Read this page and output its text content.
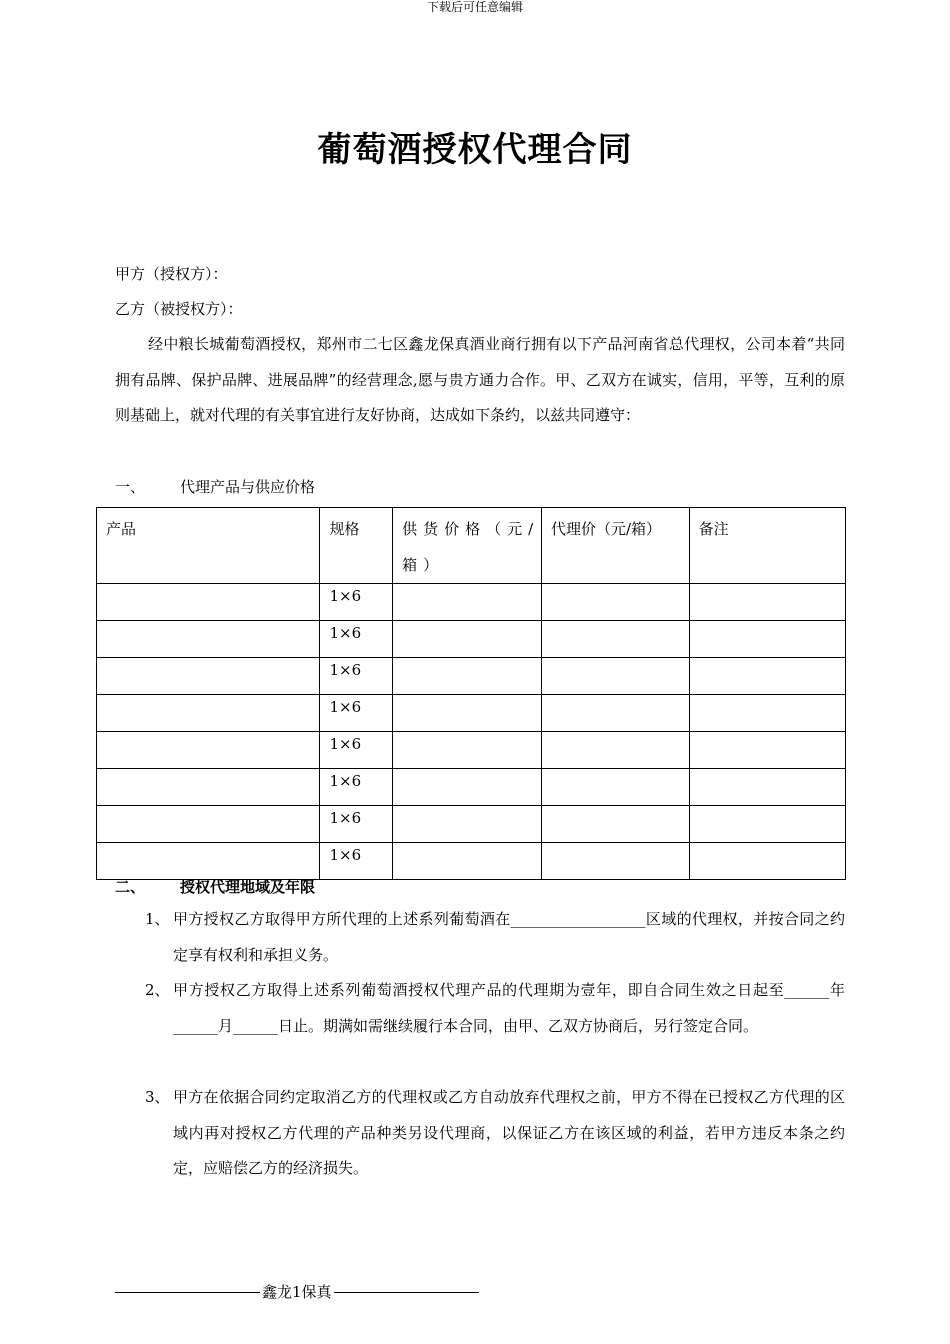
下载后可任意编辑
葡萄酒授权代理合同
甲方（授权方）：
乙方（被授权方）：
经中粮长城葡萄酒授权，郑州市二七区鑫龙保真酒业商行拥有以下产品河南省总代理权，公司本着“共同拥有品牌、保护品牌、进展品牌”的经营理念,愿与贵方通力合作。甲、乙双方在诚实，信用，平等，互利的原则基础上，就对代理的有关事宜进行友好协商，达成如下条约，以兹共同遵守：
一、 代理产品与供应价格
产品	规格	供货价格（元/箱）	代理价（元/箱）	备注
	1×6			
	1×6			
	1×6			
	1×6			
	1×6			
	1×6			
	1×6			
	1×6			
二、 授权代理地域及年限
1、 甲方授权乙方取得甲方所代理的上述系列葡萄酒在__________________区域的代理权，并按合同之约定享有权利和承担义务。
2、 甲方授权乙方取得上述系列葡萄酒授权代理产品的代理期为壹年，即自合同生效之日起至______年 ______月______日止。期满如需继续履行本合同，由甲、乙双方协商后，另行签定合同。
3、 甲方在依据合同约定取消乙方的代理权或乙方自动放弃代理权之前，甲方不得在已授权乙方代理的区域内再对授权乙方代理的产品种类另设代理商，以保证乙方在该区域的利益，若甲方违反本条之约定，应赔偿乙方的经济损失。
鑫龙1保真
